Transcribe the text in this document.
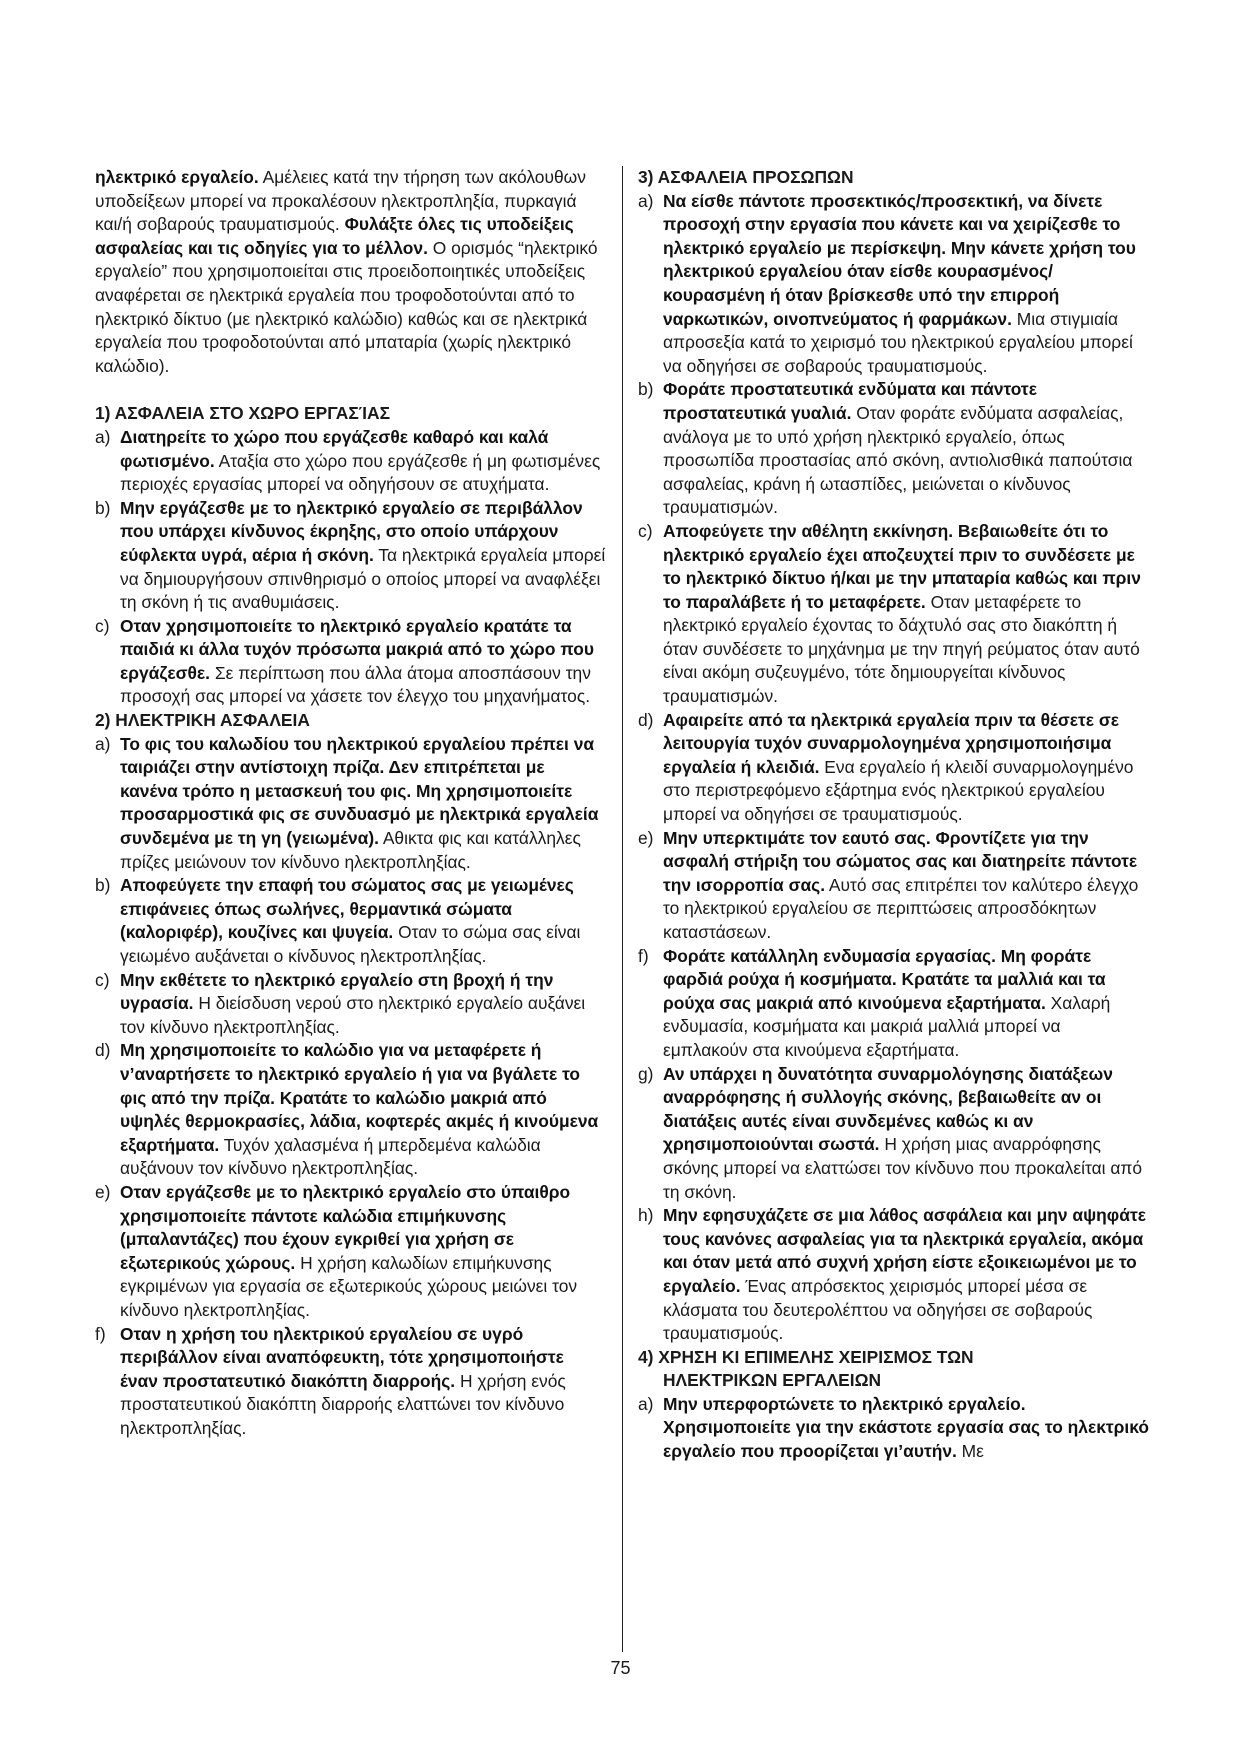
ηλεκτρικό εργαλείο. Αμέλειες κατά την τήρηση των ακόλουθων υποδείξεων μπορεί να προκαλέσουν ηλεκτροπληξία, πυρκαγιά και/ή σοβαρούς τραυματισμούς. Φυλάξτε όλες τις υποδείξεις ασφαλείας και τις οδηγίες για το μέλλον. Ο ορισμός “ηλεκτρικό εργαλείο” που χρησιμοποιείται στις προειδοποιητικές υποδείξεις αναφέρεται σε ηλεκτρικά εργαλεία που τροφοδοτούνται από το ηλεκτρικό δίκτυο (με ηλεκτρικό καλώδιο) καθώς και σε ηλεκτρικά εργαλεία που τροφοδοτούνται από μπαταρία (χωρίς ηλεκτρικό καλώδιο).

1) ΑΣΦΑΛΕΙΑ ΣΤΟ ΧΩΡΟ ΕΡΓΑΣΊΑΣ

a) Διατηρείτε το χώρο που εργάζεσθε καθαρό και καλά φωτισμένο. Αταξία στο χώρο που εργάζεσθε ή μη φωτισμένες περιοχές εργασίας μπορεί να οδηγήσουν σε ατυχήματα.
b) Μην εργάζεσθε με το ηλεκτρικό εργαλείο σε περιβάλλον που υπάρχει κίνδυνος έκρηξης, στο οποίο υπάρχουν εύφλεκτα υγρά, αέρια ή σκόνη. Τα ηλεκτρικά εργαλεία μπορεί να δημιουργήσουν σπινθηρισμό ο οποίος μπορεί να αναφλέξει τη σκόνη ή τις αναθυμιάσεις.
c) Οταν χρησιμοποιείτε το ηλεκτρικό εργαλείο κρατάτε τα παιδιά κι άλλα τυχόν πρόσωπα μακριά από το χώρο που εργάζεσθε. Σε περίπτωση που άλλα άτομα αποσπάσουν την προσοχή σας μπορεί να χάσετε τον έλεγχο του μηχανήματος.

2) ΗΛΕΚΤΡΙΚΗ ΑΣΦΑΛΕΙΑ

a) Το φις του καλωδίου του ηλεκτρικού εργαλείου πρέπει να ταιριάζει στην αντίστοιχη πρίζα. Δεν επιτρέπεται με κανένα τρόπο η μετασκευή του φις. Μη χρησιμοποιείτε προσαρμοστικά φις σε συνδυασμό με ηλεκτρικά εργαλεία συνδεμένα με τη γη (γειωμένα). Αθικτα φις και κατάλληλες πρίζες μειώνουν τον κίνδυνο ηλεκτροπληξίας.
b) Αποφεύγετε την επαφή του σώματος σας με γειωμένες επιφάνειες όπως σωλήνες, θερμαντικά σώματα (καλοριφέρ), κουζίνες και ψυγεία. Οταν το σώμα σας είναι γειωμένο αυξάνεται ο κίνδυνος ηλεκτροπληξίας.
c) Μην εκθέτετε το ηλεκτρικό εργαλείο στη βροχή ή την υγρασία. Η διείσδυση νερού στο ηλεκτρικό εργαλείο αυξάνει τον κίνδυνο ηλεκτροπληξίας.
d) Μη χρησιμοποιείτε το καλώδιο για να μεταφέρετε ή ν’αναρτήσετε το ηλεκτρικό εργαλείο ή για να βγάλετε το φις από την πρίζα. Κρατάτε το καλώδιο μακριά από υψηλές θερμοκρασίες, λάδια, κοφτερές ακμές ή κινούμενα εξαρτήματα. Τυχόν χαλασμένα ή μπερδεμένα καλώδια αυξάνουν τον κίνδυνο ηλεκτροπληξίας.
e) Οταν εργάζεσθε με το ηλεκτρικό εργαλείο στο ύπαιθρο χρησιμοποιείτε πάντοτε καλώδια επιμήκυνσης (μπαλαντάζες) που έχουν εγκριθεί για χρήση σε εξωτερικούς χώρους. Η χρήση καλωδίων επιμήκυνσης εγκριμένων για εργασία σε εξωτερικούς χώρους μειώνει τον κίνδυνο ηλεκτροπληξίας.
f) Οταν η χρήση του ηλεκτρικού εργαλείου σε υγρό περιβάλλον είναι αναπόφευκτη, τότε χρησιμοποιήστε έναν προστατευτικό διακόπτη διαρροής. Η χρήση ενός προστατευτικού διακόπτη διαρροής ελαττώνει τον κίνδυνο ηλεκτροπληξίας.

3) ΑΣΦΑΛΕΙΑ ΠΡΟΣΩΠΩΝ

a) Να είσθε πάντοτε προσεκτικός/προσεκτική, να δίνετε προσοχή στην εργασία που κάνετε και να χειρίζεσθε το ηλεκτρικό εργαλείο με περίσκεψη. Μην κάνετε χρήση του ηλεκτρικού εργαλείου όταν είσθε κουρασμένος/κουρασμένη ή όταν βρίσκεσθε υπό την επιρροή ναρκωτικών, οινοπνεύματος ή φαρμάκων. Μια στιγμιαία απροσεξία κατά το χειρισμό του ηλεκτρικού εργαλείου μπορεί να οδηγήσει σε σοβαρούς τραυματισμούς.
b) Φοράτε προστατευτικά ενδύματα και πάντοτε προστατευτικά γυαλιά. Οταν φοράτε ενδύματα ασφαλείας, ανάλογα με το υπό χρήση ηλεκτρικό εργαλείο, όπως προσωπίδα προστασίας από σκόνη, αντιολισθικά παπούτσια ασφαλείας, κράνη ή ωτασπίδες, μειώνεται ο κίνδυνος τραυματισμών.
c) Αποφεύγετε την αθέλητη εκκίνηση. Βεβαιωθείτε ότι το ηλεκτρικό εργαλείο έχει αποζευχτεί πριν το συνδέσετε με το ηλεκτρικό δίκτυο ή/και με την μπαταρία καθώς και πριν το παραλάβετε ή το μεταφέρετε. Οταν μεταφέρετε το ηλεκτρικό εργαλείο έχοντας το δάχτυλό σας στο διακόπτη ή όταν συνδέσετε το μηχάνημα με την πηγή ρεύματος όταν αυτό είναι ακόμη συζευγμένο, τότε δημιουργείται κίνδυνος τραυματισμών.
d) Αφαιρείτε από τα ηλεκτρικά εργαλεία πριν τα θέσετε σε λειτουργία τυχόν συναρμολογημένα χρησιμοποιήσιμα εργαλεία ή κλειδιά. Ενα εργαλείο ή κλειδί συναρμολογημένο στο περιστρεφόμενο εξάρτημα ενός ηλεκτρικού εργαλείου μπορεί να οδηγήσει σε τραυματισμούς.
e) Μην υπερκτιμάτε τον εαυτό σας. Φροντίζετε για την ασφαλή στήριξη του σώματος σας και διατηρείτε πάντοτε την ισορροπία σας. Αυτό σας επιτρέπει τον καλύτερο έλεγχο το ηλεκτρικού εργαλείου σε περιπτώσεις απροσδόκητων καταστάσεων.
f) Φοράτε κατάλληλη ενδυμασία εργασίας. Μη φοράτε φαρδιά ρούχα ή κοσμήματα. Κρατάτε τα μαλλιά και τα ρούχα σας μακριά από κινούμενα εξαρτήματα. Χαλαρή ενδυμασία, κοσμήματα και μακριά μαλλιά μπορεί να εμπλακούν στα κινούμενα εξαρτήματα.
g) Αν υπάρχει η δυνατότητα συναρμολόγησης διατάξεων αναρρόφησης ή συλλογής σκόνης, βεβαιωθείτε αν οι διατάξεις αυτές είναι συνδεμένες καθώς κι αν χρησιμοποιούνται σωστά. Η χρήση μιας αναρρόφησης σκόνης μπορεί να ελαττώσει τον κίνδυνο που προκαλείται από τη σκόνη.
h) Μην εφησυχάζετε σε μια λάθος ασφάλεια και μην αψηφάτε τους κανόνες ασφαλείας για τα ηλεκτρικά εργαλεία, ακόμα και όταν μετά από συχνή χρήση είστε εξοικειωμένοι με το εργαλείο. Ένας απρόσεκτος χειρισμός μπορεί μέσα σε κλάσματα του δευτερολέπτου να οδηγήσει σε σοβαρούς τραυματισμούς.

4) ΧΡΗΣΗ ΚΙ ΕΠΙΜΕΛΗΣ ΧΕΙΡΙΣΜΟΣ ΤΩΝ

ΗΛΕΚΤΡΙΚΩΝ ΕΡΓΑΛΕΙΩΝ

a) Μην υπερφορτώνετε το ηλεκτρικό εργαλείο. Χρησιμοποιείτε για την εκάστοτε εργασία σας το ηλεκτρικό εργαλείο που προορίζεται γι’αυτήν. Με
75
